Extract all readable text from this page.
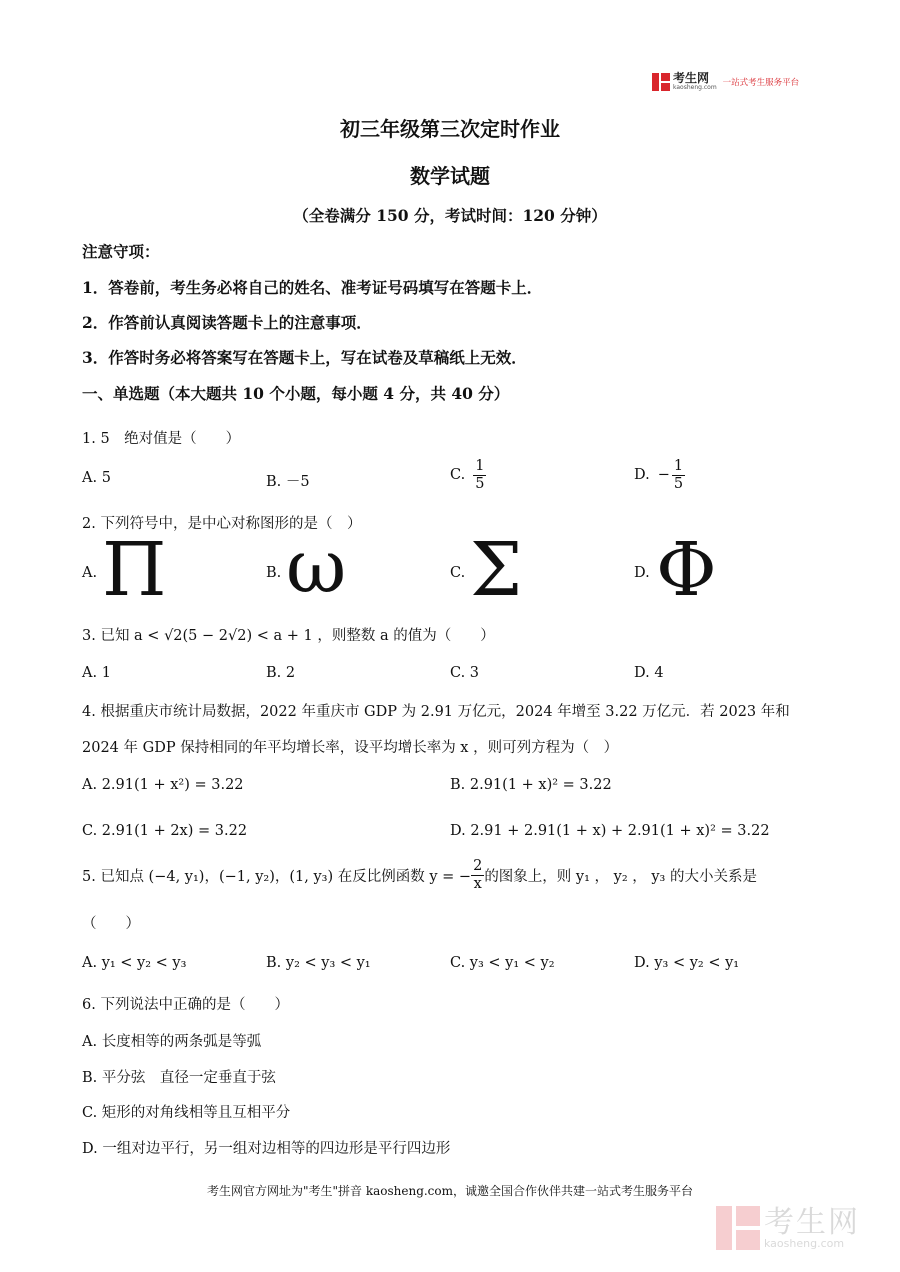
考生网
kaosheng.com 一站式考生服务平台
初三年级第三次定时作业
数学试题
（全卷满分 150 分，考试时间：120 分钟）
注意守项：
1．答卷前，考生务必将自己的姓名、准考证号码填写在答题卡上．
2．作答前认真阅读答题卡上的注意事项．
3．作答时务必将答案写在答题卡上，写在试卷及草稿纸上无效．
一、单选题（本大题共 10 个小题，每小题 4 分，共 40 分）
1. 5　绝对值是（　　）
A. 5	B. －5	C. $\frac{1}{5}$	D. − $\frac{1}{5}$
2. 下列符号中，是中心对称图形的是（　）
A. Π	B. ω	C. Σ	D. Φ
3. 已知 a < √2(5 − 2√2) < a + 1 ，则整数 a 的值为（　　）
A. 1	B. 2	C. 3	D. 4
4. 根据重庆市统计局数据，2022 年重庆市 GDP 为 2.91 万亿元，2024 年增至 3.22 万亿元．若 2023 年和
2024 年 GDP 保持相同的年平均增长率，设平均增长率为 x ，则可列方程为（　）
A. 2.91(1 + x²) = 3.22	B. 2.91(1 + x)² = 3.22
C. 2.91(1 + 2x) = 3.22	D. 2.91 + 2.91(1 + x) + 2.91(1 + x)² = 3.22
5. 已知点 (−4, y₁)，(−1, y₂)，(1, y₃) 在反比例函数 y = − $\frac{2}{x}$ 的图象上，则 y₁ ， y₂ ， y₃ 的大小关系是
（　　）
A. y₁ < y₂ < y₃	B. y₂ < y₃ < y₁	C. y₃ < y₁ < y₂	D. y₃ < y₂ < y₁
6. 下列说法中正确的是（　　）
A. 长度相等的两条弧是等弧
B. 平分弦　直径一定垂直于弦
C. 矩形的对角线相等且互相平分
D. 一组对边平行，另一组对边相等的四边形是平行四边形
考生网官方网址为"考生"拼音 kaosheng.com，诚邀全国合作伙伴共建一站式考生服务平台
考生网
kaosheng.com
